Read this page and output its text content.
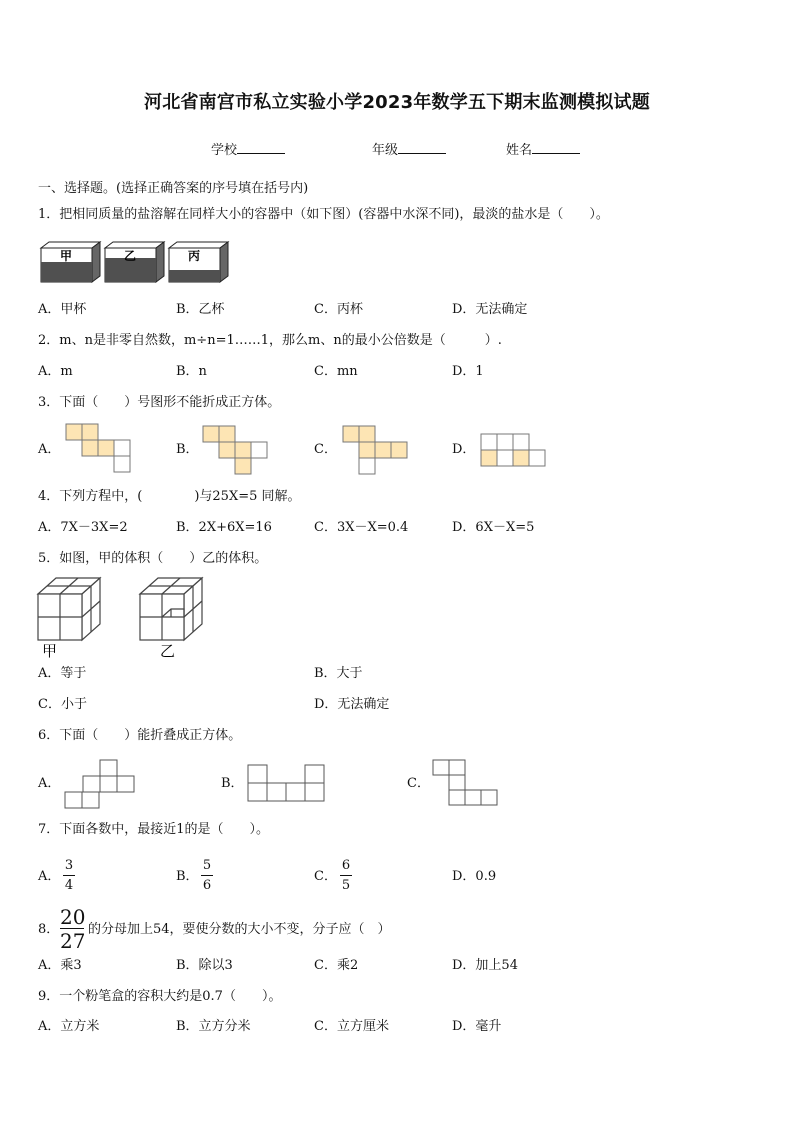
河北省南宫市私立实验小学2023年数学五下期末监测模拟试题
学校	年级	姓名
一、选择题。(选择正确答案的序号填在括号内)
1．把相同质量的盐溶解在同样大小的容器中（如下图）(容器中水深不同)，最淡的盐水是（　　）。
甲	乙	丙
A．甲杯	B．乙杯	C．丙杯	D．无法确定
2．m、n是非零自然数，m÷n=1……1，那么m、n的最小公倍数是（　　　）.
A．m	B．n	C．mn	D．1
3．下面（　　）号图形不能折成正方体。
A．	B．	C．	D．
4．下列方程中，(　　　　)与25X=5 同解。
A．7X－3X=2	B．2X+6X=16	C．3X－X=0.4	D．6X－X=5
5．如图，甲的体积（　　）乙的体积。
甲	乙
A．等于	B．大于
C．小于	D．无法确定
6．下面（　　）能折叠成正方体。
A．	B．	C．
7．下面各数中，最接近1的是（　　）。
A．
3
4
B．
5
6
C．
6
5
D．0.9
8．
20
27 的分母加上54，要使分数的大小不变，分子应（　）
A．乘3	B．除以3	C．乘2	D．加上54
9．一个粉笔盒的容积大约是0.7（　　）。
A．立方米	B．立方分米	C．立方厘米	D．毫升
